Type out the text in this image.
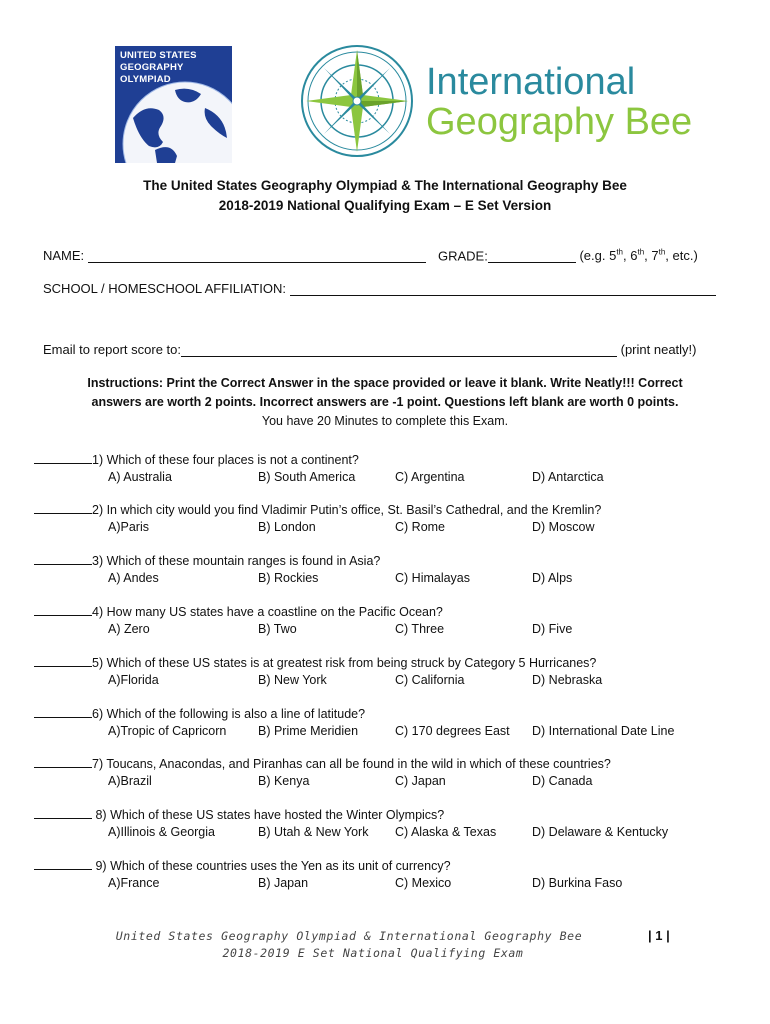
UNITED STATES
GEOGRAPHY OLYMPIAD	International
Geography Bee
The United States Geography Olympiad & The International Geography Bee
2018-2019 National Qualifying Exam – E Set Version
NAME:	GRADE:	(e.g. 5th, 6th, 7th, etc.)
SCHOOL / HOMESCHOOL AFFILIATION:
Email to report score to:	(print neatly!)
Instructions: Print the Correct Answer in the space provided or leave it blank. Write Neatly!!! Correct
answers are worth 2 points. Incorrect answers are -1 point. Questions left blank are worth 0 points.
You have 20 Minutes to complete this Exam.
1) Which of these four places is not a continent?
A) Australia	B) South America	C) Argentina	D) Antarctica
2) In which city would you find Vladimir Putin’s office, St. Basil’s Cathedral, and the Kremlin?
A)Paris	B) London	C) Rome	D) Moscow
3) Which of these mountain ranges is found in Asia?
A) Andes	B) Rockies	C) Himalayas	D) Alps
4) How many US states have a coastline on the Pacific Ocean?
A) Zero	B) Two	C) Three	D) Five
5) Which of these US states is at greatest risk from being struck by Category 5 Hurricanes?
A)Florida	B) New York	C) California	D) Nebraska
6) Which of the following is also a line of latitude?
A)Tropic of Capricorn	B) Prime Meridien	C) 170 degrees East D) International Date Line
7) Toucans, Anacondas, and Piranhas can all be found in the wild in which of these countries?
A)Brazil	B) Kenya	C) Japan	D) Canada
8) Which of these US states have hosted the Winter Olympics?
A)Illinois & Georgia	B) Utah & New York C) Alaska & Texas	D) Delaware & Kentucky
9) Which of these countries uses the Yen as its unit of currency?
A)France	B) Japan	C) Mexico	D) Burkina Faso
United States Geography Olympiad & International Geography Bee
2018-2019 E Set National Qualifying Exam
| 1 |
